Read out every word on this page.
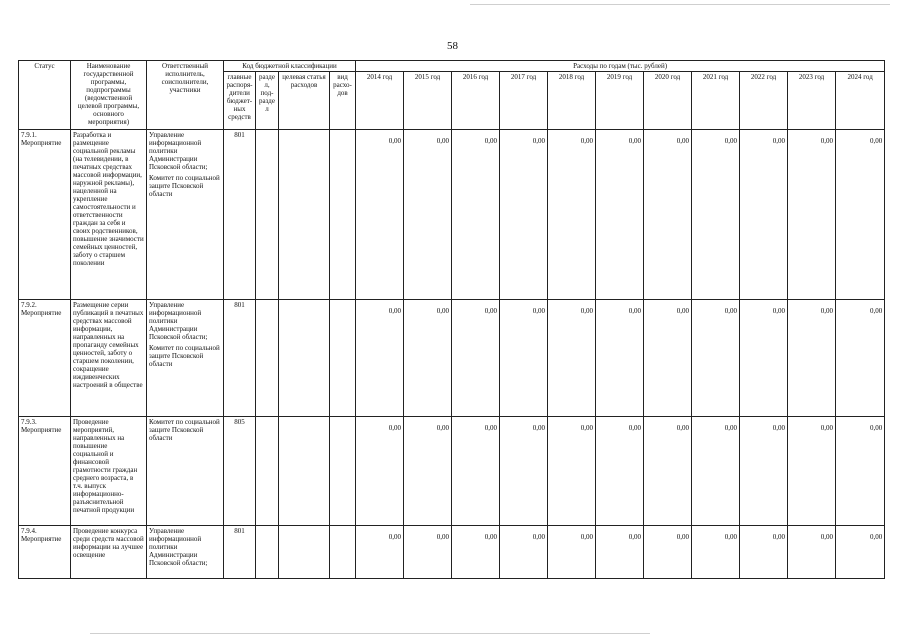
58
Статус	Наименование государственной программы, подпрограммы (ведомственной целевой программы, основного мероприятия)	Ответственный исполнитель, соисполнители, участники	Код бюджетной классификации				Расходы по годам (тыс. рублей)										
			главные распоря-дители бюджет-ных средств	раздел, под-раздел	целевая статья расходов	вид расхо-дов	2014 год	2015 год	2016 год	2017 год	2018 год	2019 год	2020 год	2021 год	2022 год	2023 год	2024 год
7.9.1. Мероприятие	Разработка и размещение социальной рекламы (на телевидении, в печатных средствах массовой информации, наружной рекламы), нацеленной на укрепление самостоятельности и ответственности граждан за себя и своих родственников, повышение значимости семейных ценностей, заботу о старшем поколении	Управление информационной политики Администрации Псковской области;
Комитет по социальной защите Псковской области	801				0,00	0,00	0,00	0,00	0,00	0,00	0,00	0,00	0,00	0,00	0,00

7.9.2. Мероприятие	Размещение серии публикаций в печатных средствах массовой информации, направленных на пропаганду семейных ценностей, заботу о старшем поколении, сокращение иждивенческих настроений в обществе	Управление информационной политики Администрации Псковской области;
Комитет по социальной защите Псковской области	801				0,00	0,00	0,00	0,00	0,00	0,00	0,00	0,00	0,00	0,00	0,00

7.9.3. Мероприятие	Проведение мероприятий, направленных на повышение социальной и финансовой грамотности граждан среднего возраста, в т.ч. выпуск информационно-разъяснительной печатной продукции	Комитет по социальной защите Псковской области	805				0,00	0,00	0,00	0,00	0,00	0,00	0,00	0,00	0,00	0,00	0,00

7.9.4. Мероприятие	Проведение конкурса среди средств массовой информации на лучшее освещение	Управление информационной политики Администрации Псковской области;	801				0,00	0,00	0,00	0,00	0,00	0,00	0,00	0,00	0,00	0,00	0,00
